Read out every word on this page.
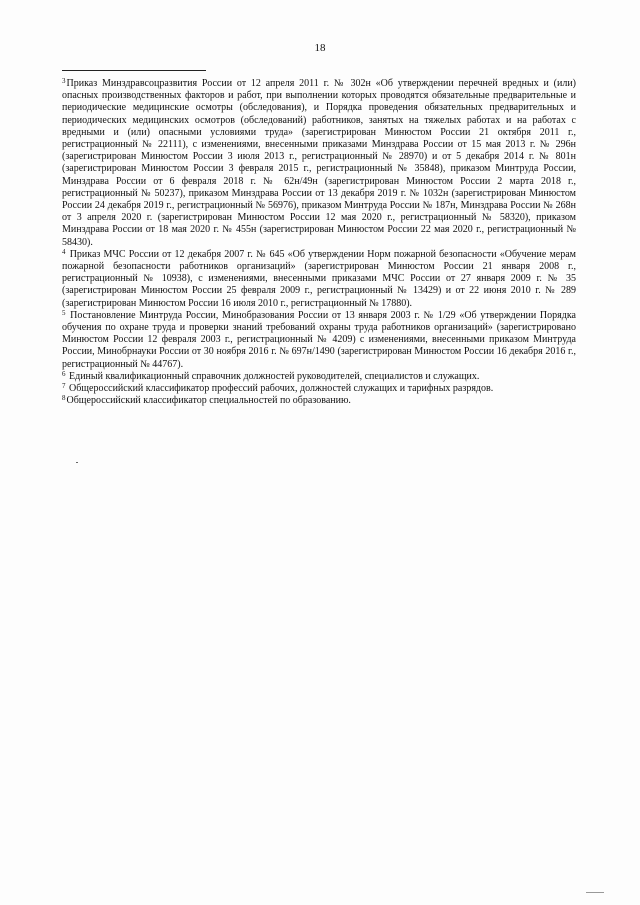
18

$^3$Приказ Минздравсоцразвития России от 12 апреля 2011 г. № 302н «Об утверждении перечней вредных и (или) опасных производственных факторов и работ, при выполнении которых проводятся обязательные предварительные и периодические медицинские осмотры (обследования), и Порядка проведения обязательных предварительных и периодических медицинских осмотров (обследований) работников, занятых на тяжелых работах и на работах с вредными и (или) опасными условиями труда» (зарегистрирован Минюстом России 21 октября 2011 г., регистрационный № 22111), с изменениями, внесенными приказами Минздрава России от 15 мая 2013 г. № 296н (зарегистрирован Минюстом России 3 июля 2013 г., регистрационный № 28970) и от 5 декабря 2014 г. № 801н (зарегистрирован Минюстом России 3 февраля 2015 г., регистрационный № 35848), приказом Минтруда России, Минздрава России от 6 февраля 2018 г. № 62н/49н (зарегистрирован Минюстом России 2 марта 2018 г., регистрационный № 50237), приказом Минздрава России от 13 декабря 2019 г. № 1032н (зарегистрирован Минюстом России 24 декабря 2019 г., регистрационный № 56976), приказом Минтруда России № 187н, Минздрава России № 268н от 3 апреля 2020 г. (зарегистрирован Минюстом России 12 мая 2020 г., регистрационный № 58320), приказом Минздрава России от 18 мая 2020 г. № 455н (зарегистрирован Минюстом России 22 мая 2020 г., регистрационный № 58430).

$^4$ Приказ МЧС России от 12 декабря 2007 г. № 645 «Об утверждении Норм пожарной безопасности «Обучение мерам пожарной безопасности работников организаций» (зарегистрирован Минюстом России 21 января 2008 г., регистрационный № 10938), с изменениями, внесенными приказами МЧС России от 27 января 2009 г. № 35 (зарегистрирован Минюстом России 25 февраля 2009 г., регистрационный № 13429) и от 22 июня 2010 г. № 289 (зарегистрирован Минюстом России 16 июля 2010 г., регистрационный № 17880).

$^5$ Постановление Минтруда России, Минобразования России от 13 января 2003 г. № 1/29 «Об утверждении Порядка обучения по охране труда и проверки знаний требований охраны труда работников организаций» (зарегистрировано Минюстом России 12 февраля 2003 г., регистрационный № 4209) с изменениями, внесенными приказом Минтруда России, Минобрнауки России от 30 ноября 2016 г. № 697н/1490 (зарегистрирован Минюстом России 16 декабря 2016 г., регистрационный № 44767).

$^6$ Единый квалификационный справочник должностей руководителей, специалистов и служащих.

$^7$ Общероссийский классификатор профессий рабочих, должностей служащих и тарифных разрядов.

$^8$Общероссийский классификатор специальностей по образованию.
